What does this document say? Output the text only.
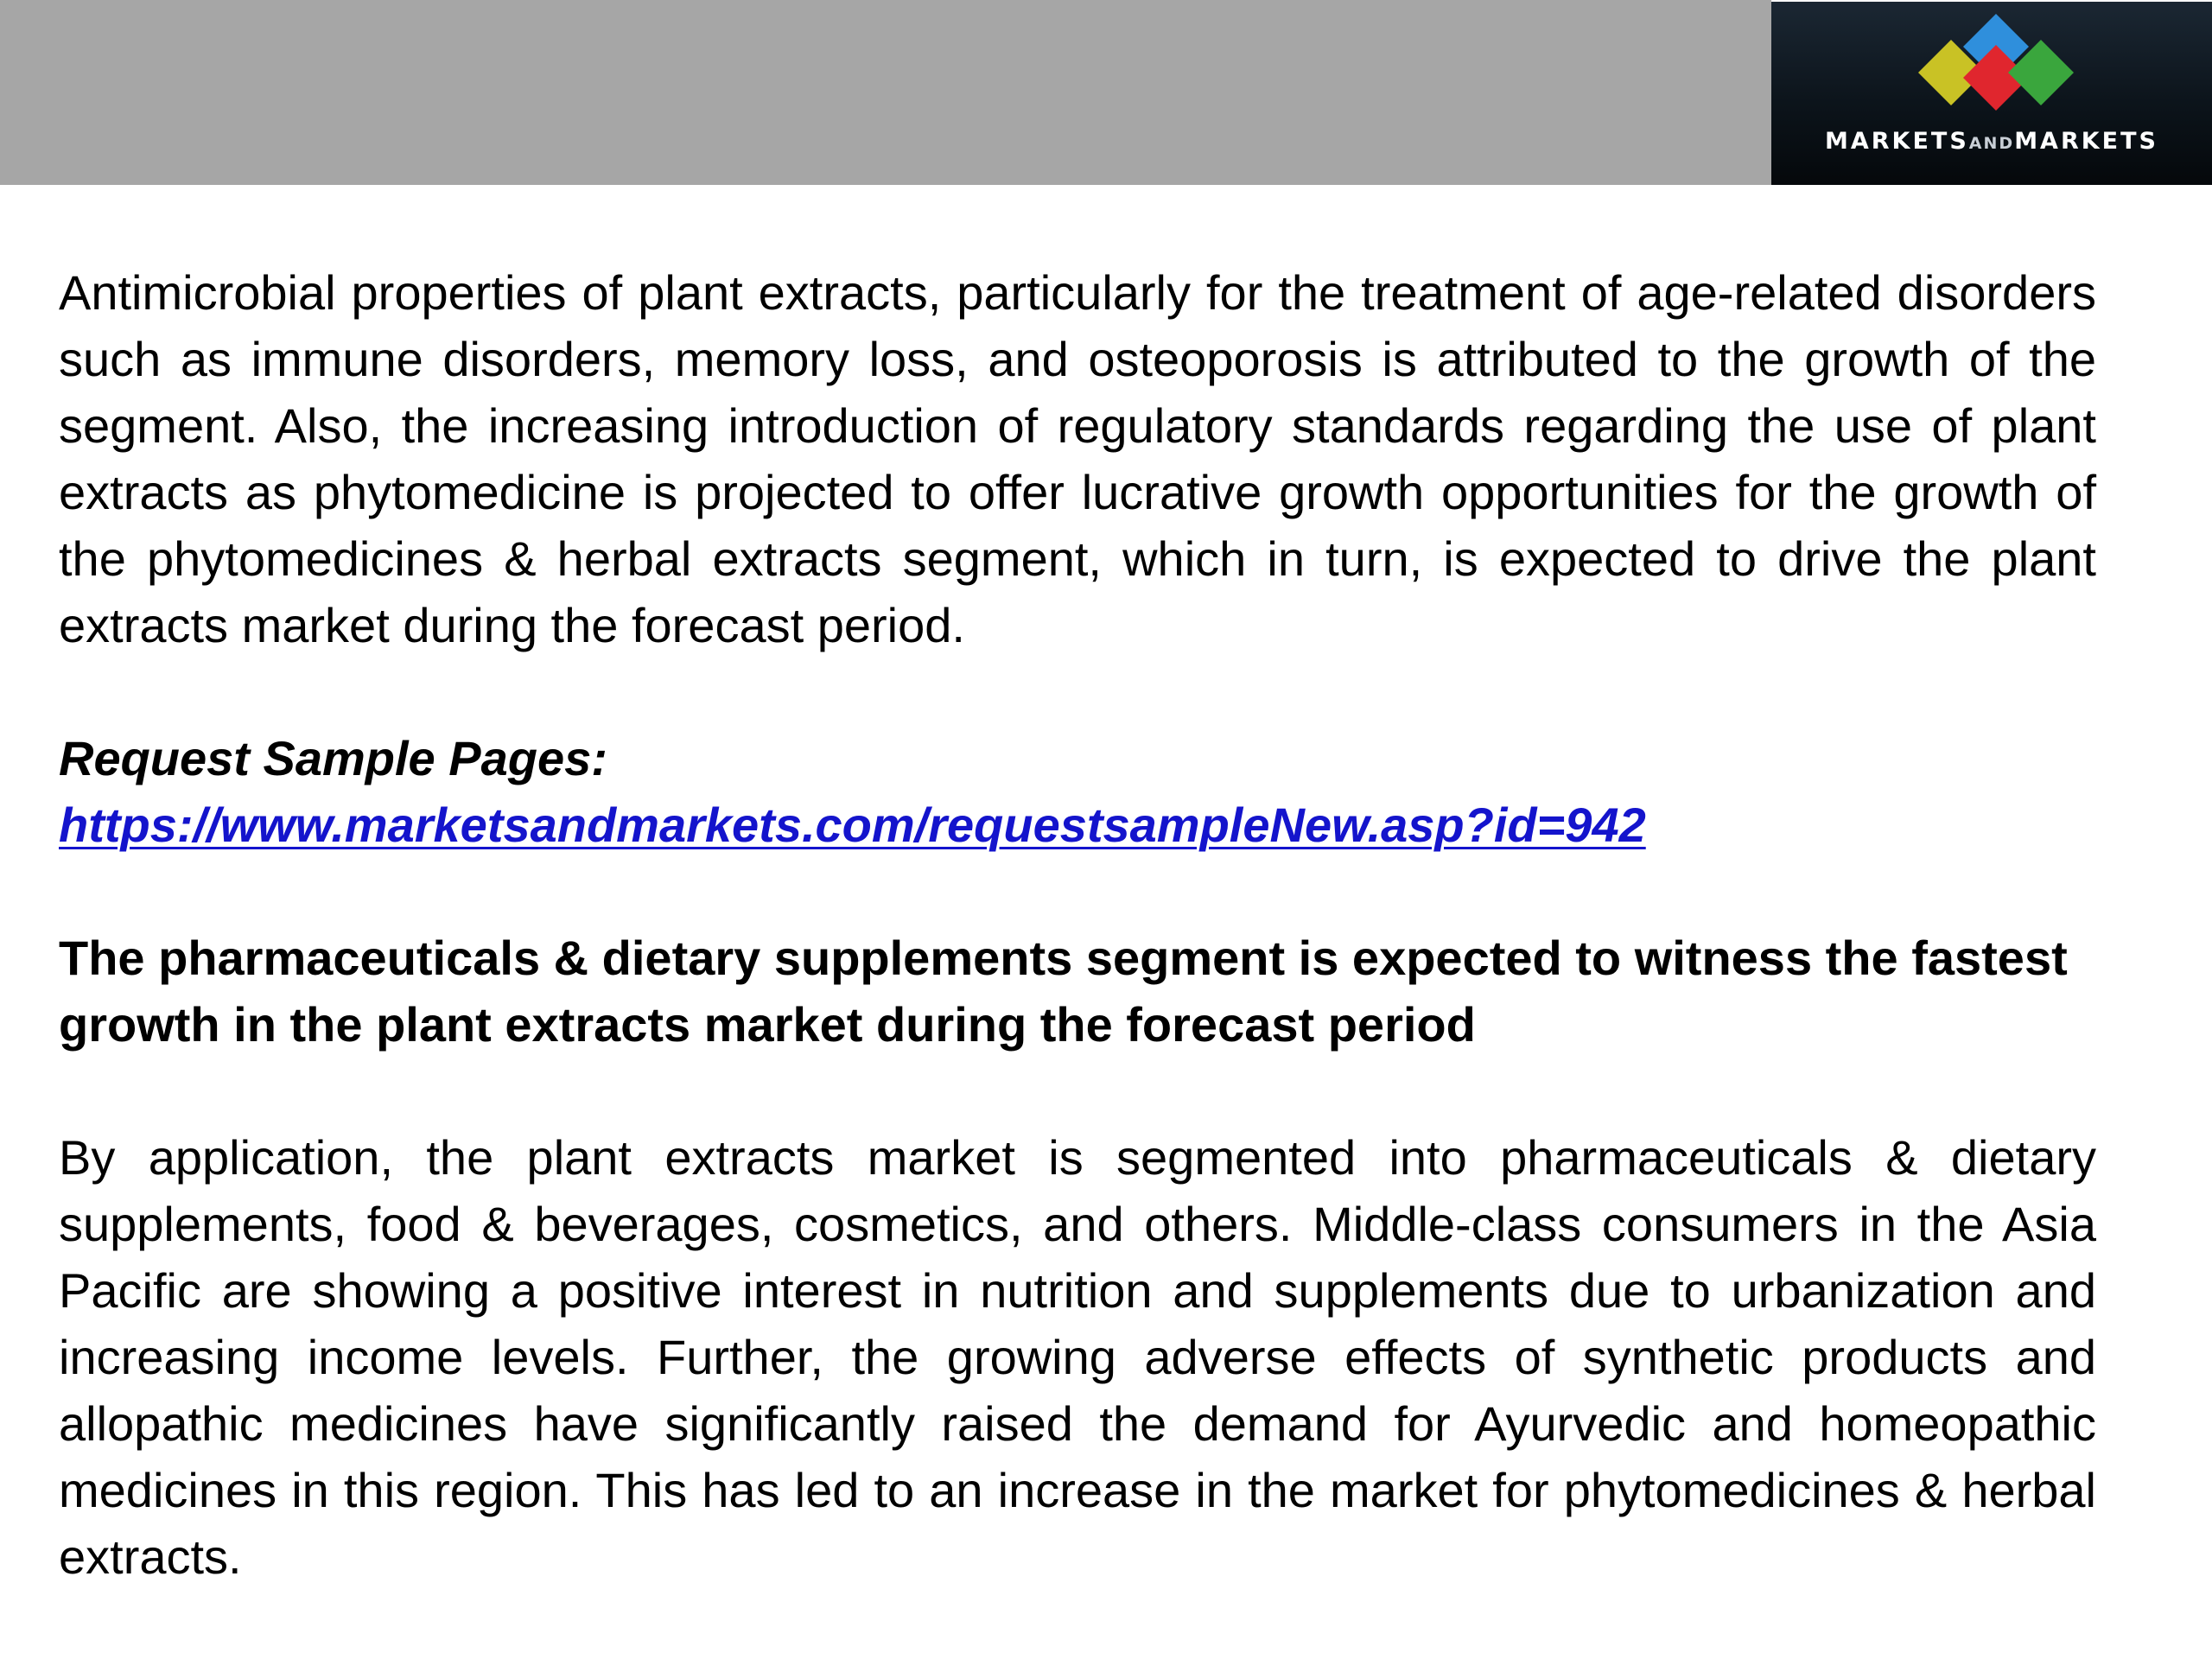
MARKETSANDMARKETS

Antimicrobial properties of plant extracts, particularly for the treatment of age-related disorders such as immune disorders, memory loss, and osteoporosis is attributed to the growth of the segment. Also, the increasing introduction of regulatory standards regarding the use of plant extracts as phytomedicine is projected to offer lucrative growth opportunities for the growth of the phytomedicines & herbal extracts segment, which in turn, is expected to drive the plant extracts market during the forecast period.

Request Sample Pages:

https://www.marketsandmarkets.com/requestsampleNew.asp?id=942

The pharmaceuticals & dietary supplements segment is expected to witness the fastest growth in the plant extracts market during the forecast period

By application, the plant extracts market is segmented into pharmaceuticals & dietary supplements, food & beverages, cosmetics, and others. Middle-class consumers in the Asia Pacific are showing a positive interest in nutrition and supplements due to urbanization and increasing income levels. Further, the growing adverse effects of synthetic products and allopathic medicines have significantly raised the demand for Ayurvedic and homeopathic medicines in this region. This has led to an increase in the market for phytomedicines & herbal extracts.
